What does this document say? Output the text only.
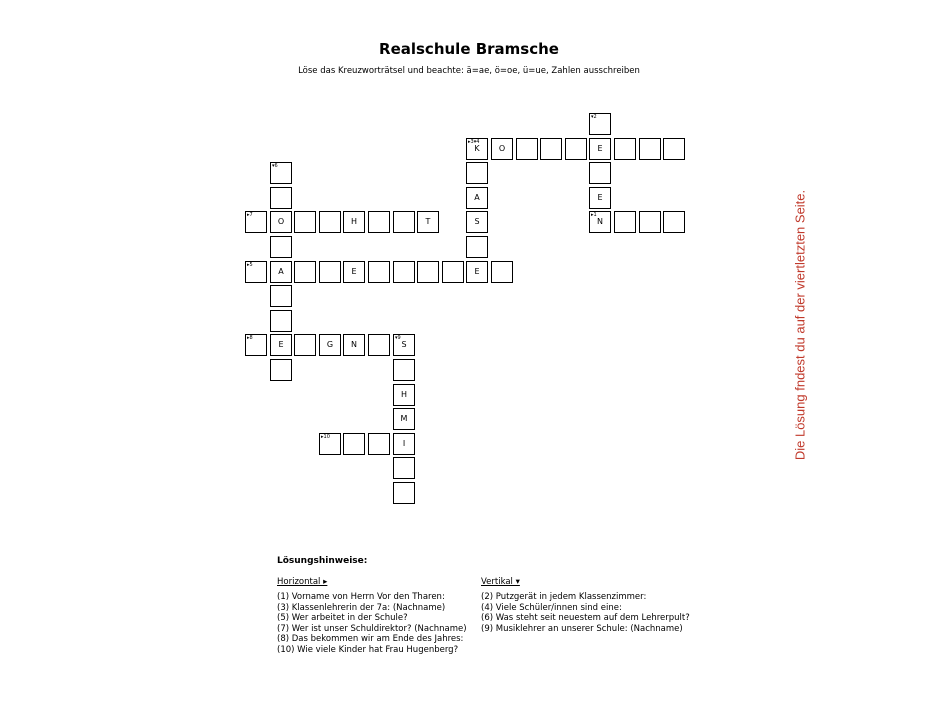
Realschule Bramsche
Löse das Kreuzworträtsel und beachte: ä=ae, ö=oe, ü=ue, Zahlen ausschreiben
▾2
▸3▾4
K	O	E
▾6
A	E
▸7
O	H	T	S
▸1
N
▸5
A	E	E
▸8
E	G	N
▾9
S
H
M
▸10
I
Lösungshinweise:
Horizontal ▸	Vertikal ▾
(1) Vorname von Herrn Vor den Tharen:
(3) Klassenlehrerin der 7a: (Nachname)
(5) Wer arbeitet in der Schule?
(7) Wer ist unser Schuldirektor? (Nachname)
(8) Das bekommen wir am Ende des Jahres:
(10) Wie viele Kinder hat Frau Hugenberg?
(2) Putzgerät in jedem Klassenzimmer:
(4) Viele Schüler/innen sind eine:
(6) Was steht seit neuestem auf dem Lehrerpult?
(9) Musiklehrer an unserer Schule: (Nachname)
Die Lösung fndest du auf der viertletzten Seite.
